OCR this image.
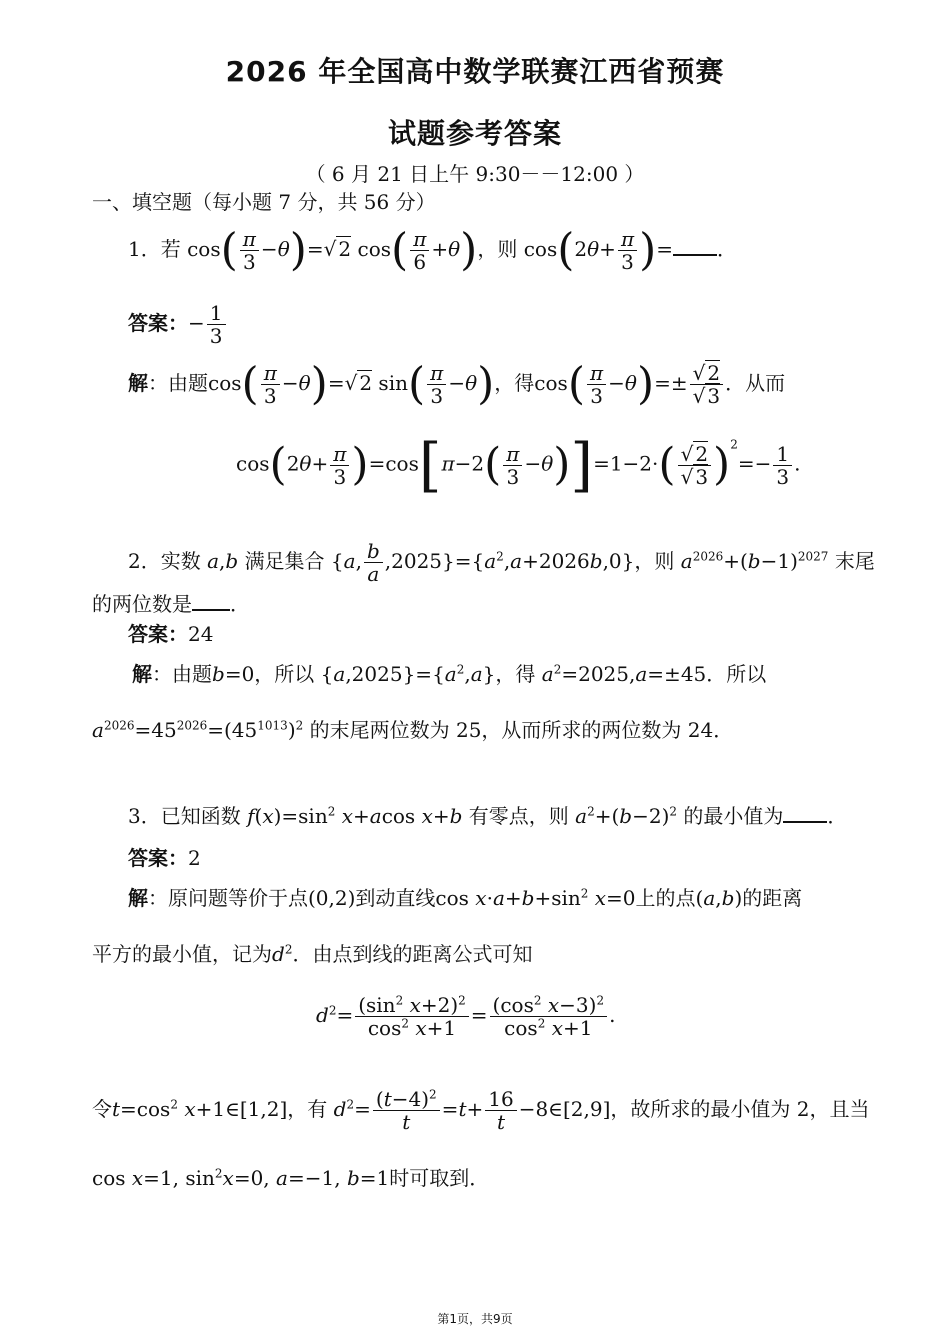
2026 年全国高中数学联赛江西省预赛
试题参考答案
（ 6 月 21 日上午 9:30－－12:00 ）
一、填空题（每小题 7 分，共 56 分）
1．若 $\cos( \frac{\pi}{3} -\theta)=√$ 2 $\cos( \frac{\pi}{6} +\theta)$，则 $\cos(2\theta+ \frac{\pi}{3}$ )= ．
答案：− $\frac{1}{3}$
解：由题$\cos( \frac{\pi}{3} -\theta)=√$ 2 $\sin( \frac{\pi}{3} -\theta)$，得$\cos( \frac{\pi}{3} -\theta)=\pm \frac{√ 2}{√ 3}$ ．从而
$\cos(2\theta+ \frac{\pi}{3} )=\cos[\pi-2( \frac{\pi}{3} -\theta)]=1-2\cdot( \frac{√ 2}{√ 3} )^2=- \frac{1}{3}$ .
2．实数 a,b 满足集合 {a, $\frac{b}{a} ,2025\}=\{a^2,a+2026b,0\}$，则 $a^{2026}+(b-1)^{2027}$ 末尾
的两位数是 ．
答案：24
解：由题b=0，所以 $\{a,2025\}=\{a^2,a\}$，得 $a^2=2025,a=\pm 45$．所以
$a^{2026}=45^{2026}=(45^{1013})^2$ 的末尾两位数为 25，从而所求的两位数为 24．
3．已知函数 $f(x)=\sin^2$ x+acos x+b 有零点，则 $a^2+(b-2)^2$ 的最小值为 ．
答案：2
解：原问题等价于点(0,2)到动直线$\cos x\cdot a+b+\sin^2$ x=0上的点(a,b)的距离
平方的最小值，记为$d^2$．由点到线的距离公式可知
$d^2= \frac{(\sin^2 x+2)^2}{\cos^2 x+1} = \frac{(\cos^2 x-3)^2}{\cos^2 x+1}$ .
令$t=\cos^2$ x+1∈[1,2]，有 $d^2= \frac{(t-4)^2}{t} =t+ \frac{16}{t}$ −8∈[2,9]，故所求的最小值为 2，且当
cos x=1, $\sin^2x=0$, a=−1, b=1时可取到．
第1页，共9页
